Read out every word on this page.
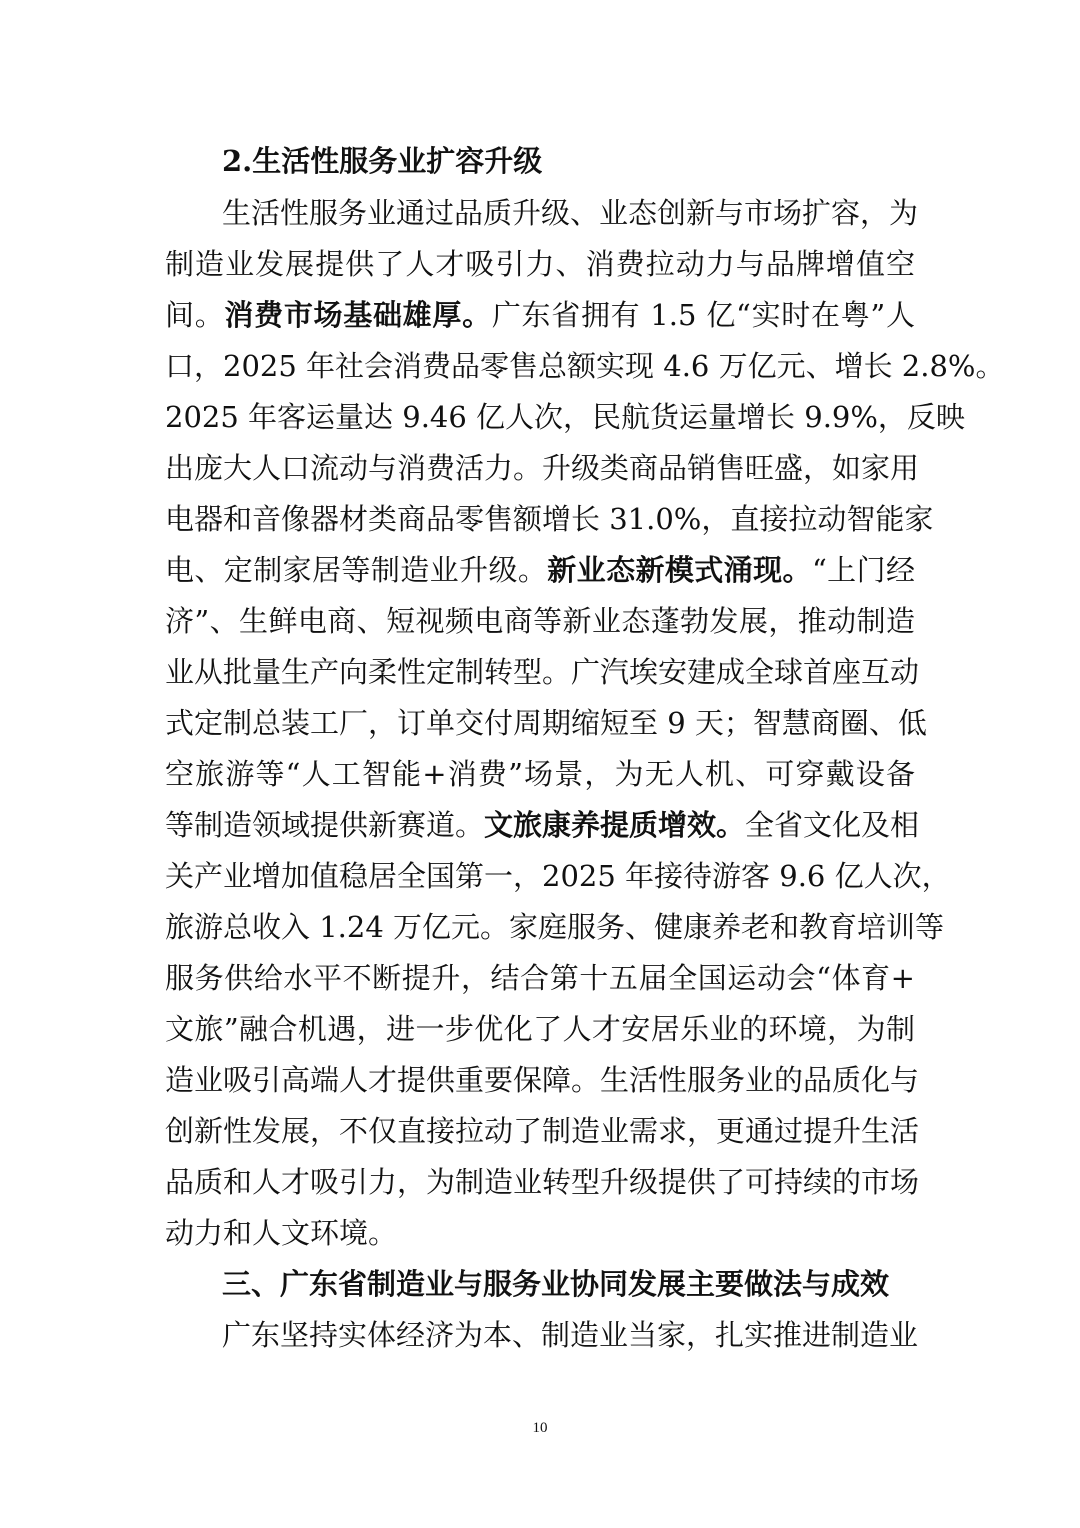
2.生活性服务业扩容升级
生活性服务业通过品质升级、业态创新与市场扩容，为
制造业发展提供了人才吸引力、消费拉动力与品牌增值空
间。消费市场基础雄厚。广东省拥有 1.5 亿“实时在粤”人
口，2025 年社会消费品零售总额实现 4.6 万亿元、增长 2.8%。
2025 年客运量达 9.46 亿人次，民航货运量增长 9.9%，反映
出庞大人口流动与消费活力。升级类商品销售旺盛，如家用
电器和音像器材类商品零售额增长 31.0%，直接拉动智能家
电、定制家居等制造业升级。新业态新模式涌现。“上门经
济”、生鲜电商、短视频电商等新业态蓬勃发展，推动制造
业从批量生产向柔性定制转型。广汽埃安建成全球首座互动
式定制总装工厂，订单交付周期缩短至 9 天；智慧商圈、低
空旅游等“人工智能+消费”场景，为无人机、可穿戴设备
等制造领域提供新赛道。文旅康养提质增效。全省文化及相
关产业增加值稳居全国第一，2025 年接待游客 9.6 亿人次，
旅游总收入 1.24 万亿元。家庭服务、健康养老和教育培训等
服务供给水平不断提升，结合第十五届全国运动会“体育+
文旅”融合机遇，进一步优化了人才安居乐业的环境，为制
造业吸引高端人才提供重要保障。生活性服务业的品质化与
创新性发展，不仅直接拉动了制造业需求，更通过提升生活
品质和人才吸引力，为制造业转型升级提供了可持续的市场
动力和人文环境。
三、广东省制造业与服务业协同发展主要做法与成效
广东坚持实体经济为本、制造业当家，扎实推进制造业
10
